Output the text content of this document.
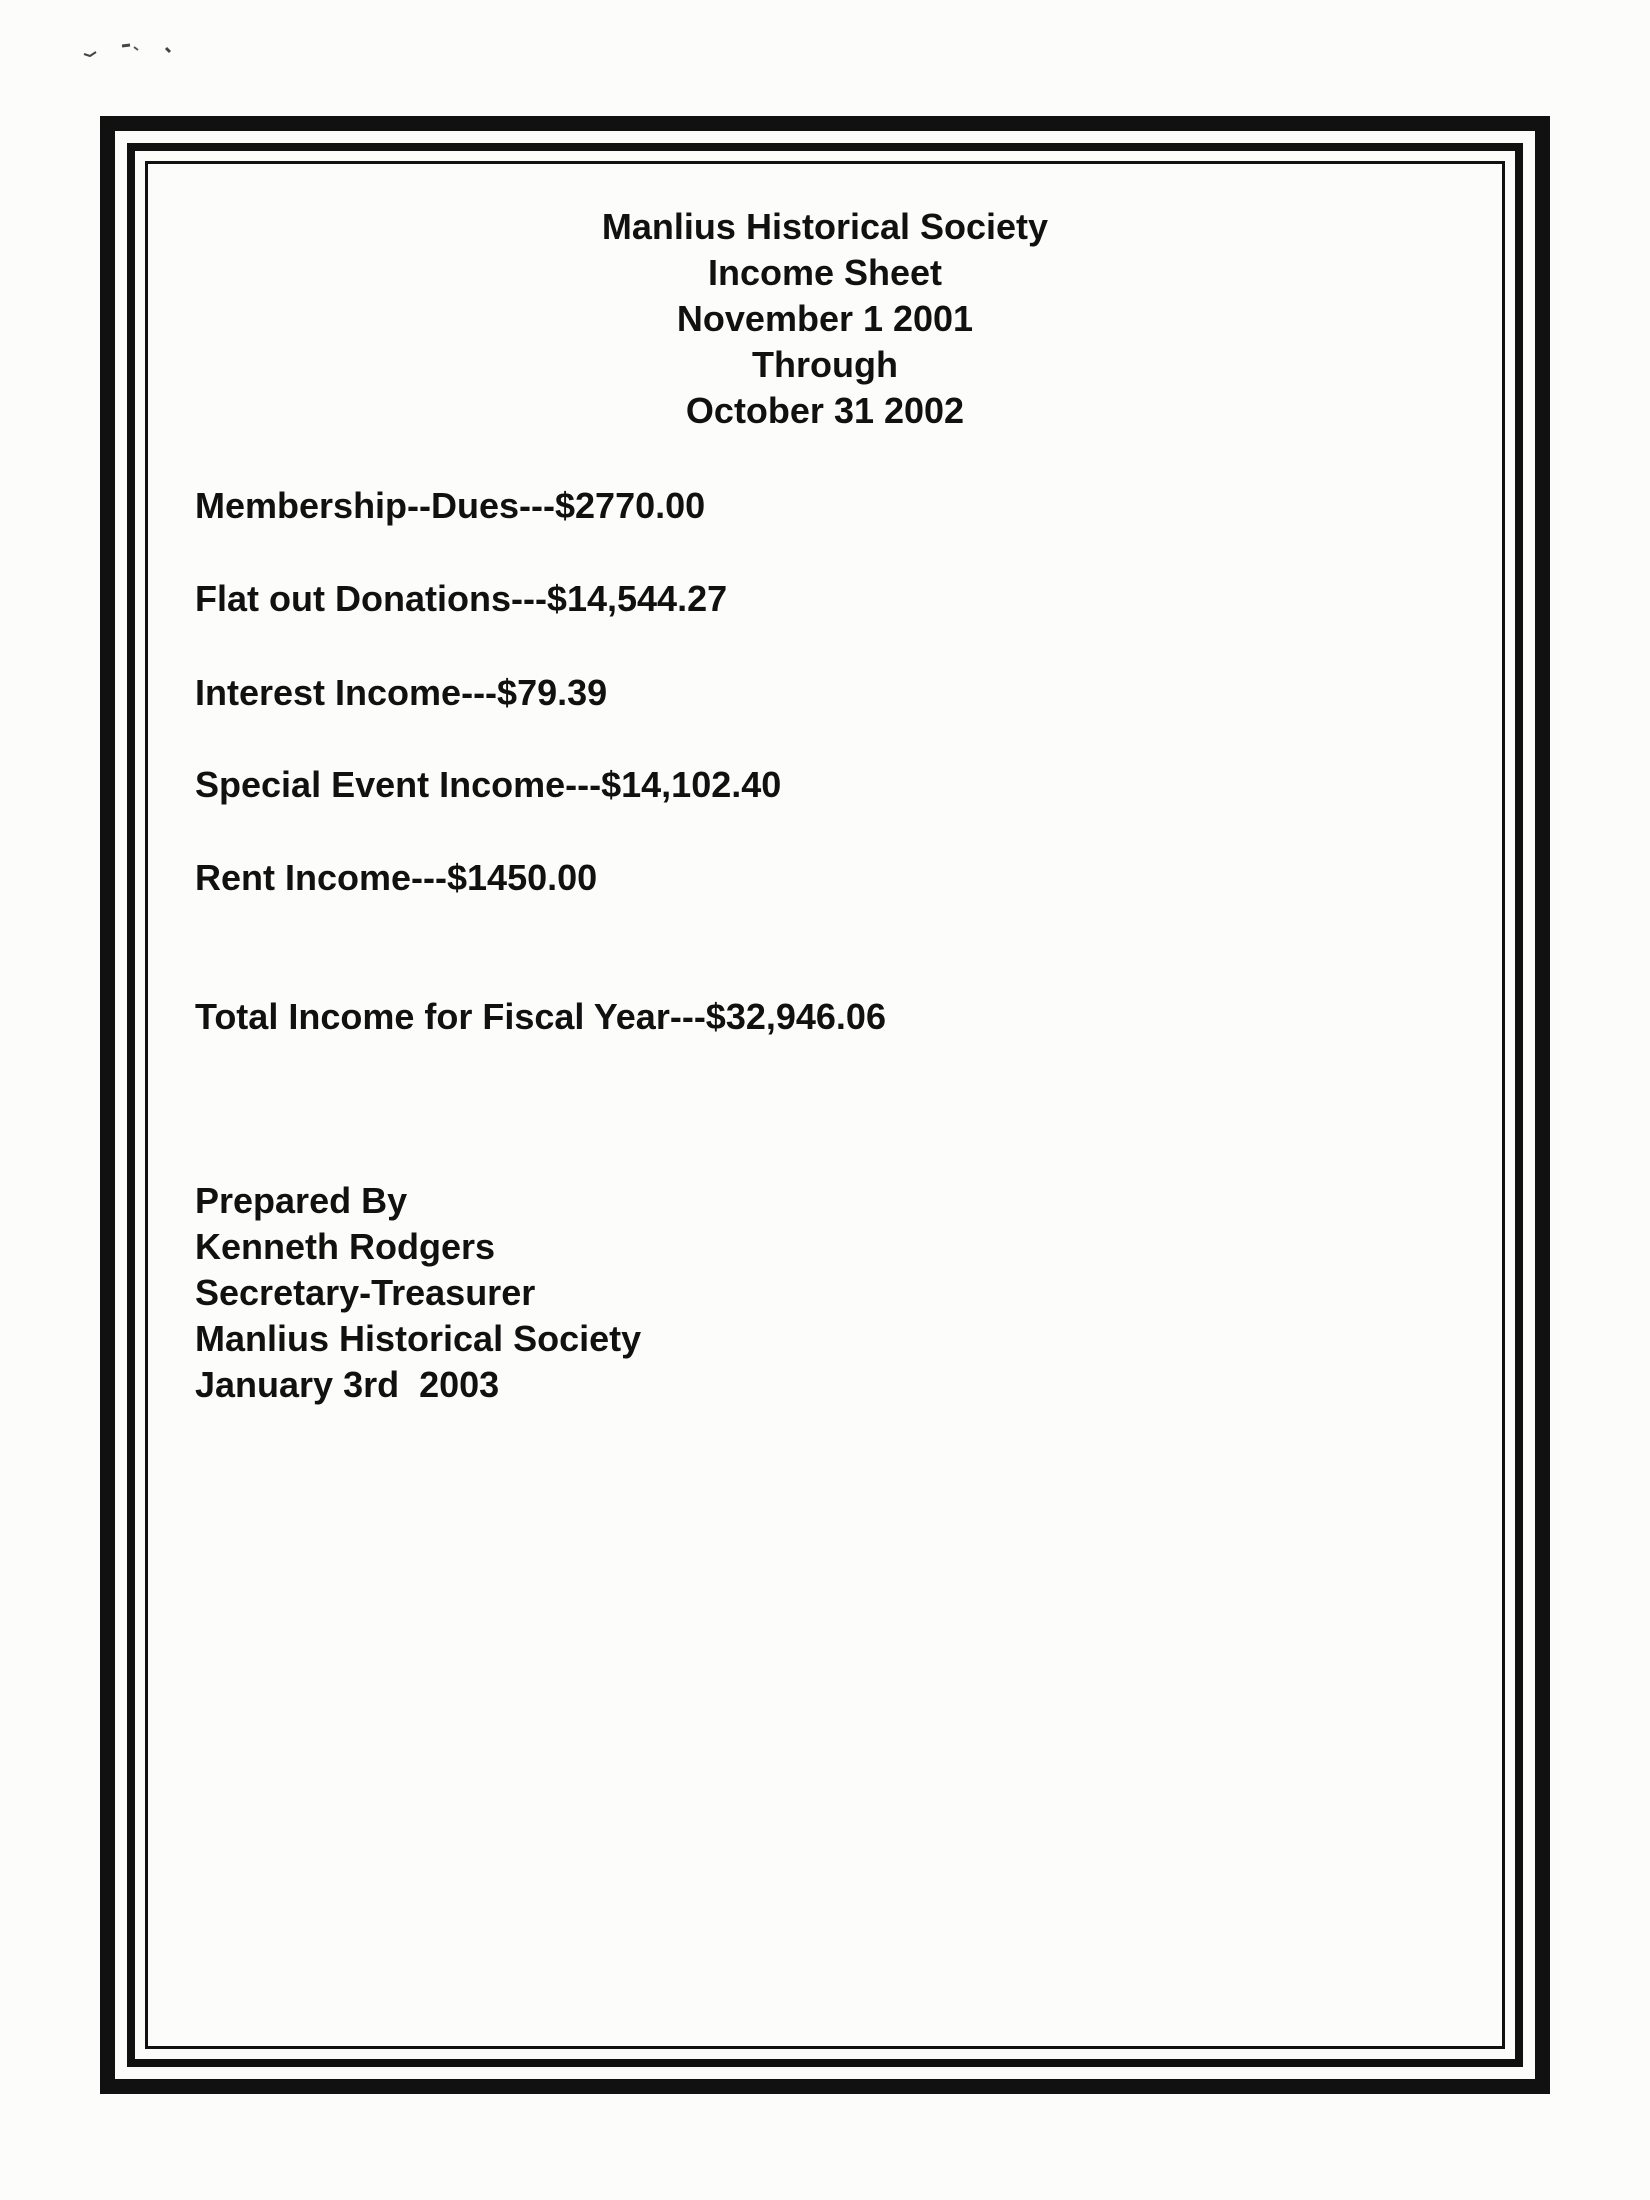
Manlius Historical Society
Income Sheet
November 1 2001
Through
October 31 2002
Membership--Dues---$2770.00
Flat out Donations---$14,544.27
Interest Income---$79.39
Special Event Income---$14,102.40
Rent Income---$1450.00
Total Income for Fiscal Year---$32,946.06
Prepared By
Kenneth Rodgers
Secretary-Treasurer
Manlius Historical Society
January 3rd  2003
